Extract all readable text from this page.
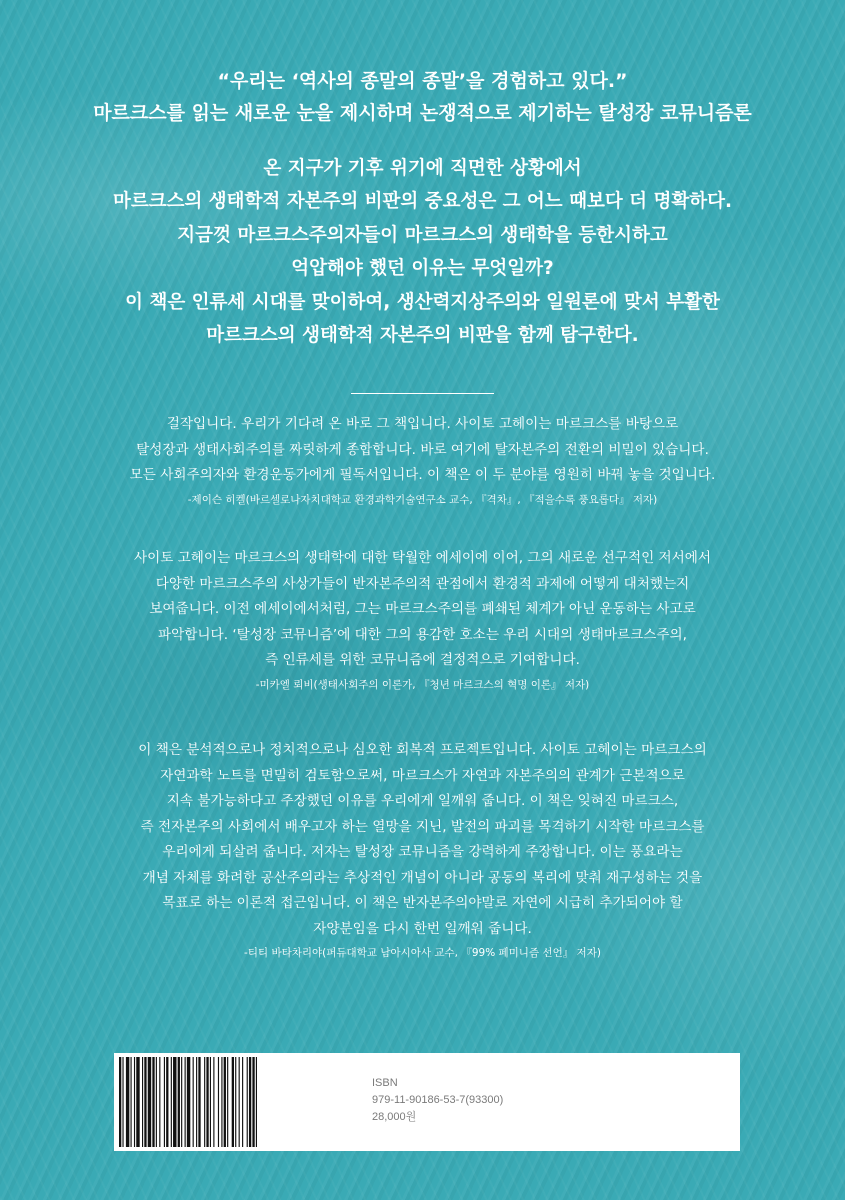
“우리는 ‘역사의 종말의 종말’을 경험하고 있다.”
마르크스를 읽는 새로운 눈을 제시하며 논쟁적으로 제기하는 탈성장 코뮤니즘론
온 지구가 기후 위기에 직면한 상황에서
마르크스의 생태학적 자본주의 비판의 중요성은 그 어느 때보다 더 명확하다.
지금껏 마르크스주의자들이 마르크스의 생태학을 등한시하고
억압해야 했던 이유는 무엇일까?
이 책은 인류세 시대를 맞이하여, 생산력지상주의와 일원론에 맞서 부활한
마르크스의 생태학적 자본주의 비판을 함께 탐구한다.
걸작입니다. 우리가 기다려 온 바로 그 책입니다. 사이토 고헤이는 마르크스를 바탕으로
탈성장과 생태사회주의를 짜릿하게 종합합니다. 바로 여기에 탈자본주의 전환의 비밀이 있습니다.
모든 사회주의자와 환경운동가에게 필독서입니다. 이 책은 이 두 분야를 영원히 바꿔 놓을 것입니다.
-제이슨 히켈(바르셀로나자치대학교 환경과학기술연구소 교수, 『격차』, 『적을수록 풍요롭다』 저자)
사이토 고헤이는 마르크스의 생태학에 대한 탁월한 에세이에 이어, 그의 새로운 선구적인 저서에서
다양한 마르크스주의 사상가들이 반자본주의적 관점에서 환경적 과제에 어떻게 대처했는지
보여줍니다. 이전 에세이에서처럼, 그는 마르크스주의를 폐쇄된 체계가 아닌 운동하는 사고로
파악합니다. ‘탈성장 코뮤니즘’에 대한 그의 용감한 호소는 우리 시대의 생태마르크스주의,
즉 인류세를 위한 코뮤니즘에 결정적으로 기여합니다.
-미카엘 뢰비(생태사회주의 이론가, 『청년 마르크스의 혁명 이론』 저자)
이 책은 분석적으로나 정치적으로나 심오한 회복적 프로젝트입니다. 사이토 고헤이는 마르크스의
자연과학 노트를 면밀히 검토함으로써, 마르크스가 자연과 자본주의의 관계가 근본적으로
지속 불가능하다고 주장했던 이유를 우리에게 일깨워 줍니다. 이 책은 잊혀진 마르크스,
즉 전자본주의 사회에서 배우고자 하는 열망을 지닌, 발전의 파괴를 목격하기 시작한 마르크스를
우리에게 되살려 줍니다. 저자는 탈성장 코뮤니즘을 강력하게 주장합니다. 이는 풍요라는
개념 자체를 화려한 공산주의라는 추상적인 개념이 아니라 공동의 복리에 맞춰 재구성하는 것을
목표로 하는 이론적 접근입니다. 이 책은 반자본주의야말로 자연에 시급히 추가되어야 할
자양분임을 다시 한번 일깨워 줍니다.
-티티 바타차리야(퍼듀대학교 남아시아사 교수, 『99% 페미니즘 선언』 저자)
ISBN
979-11-90186-53-7(93300)
28,000원
